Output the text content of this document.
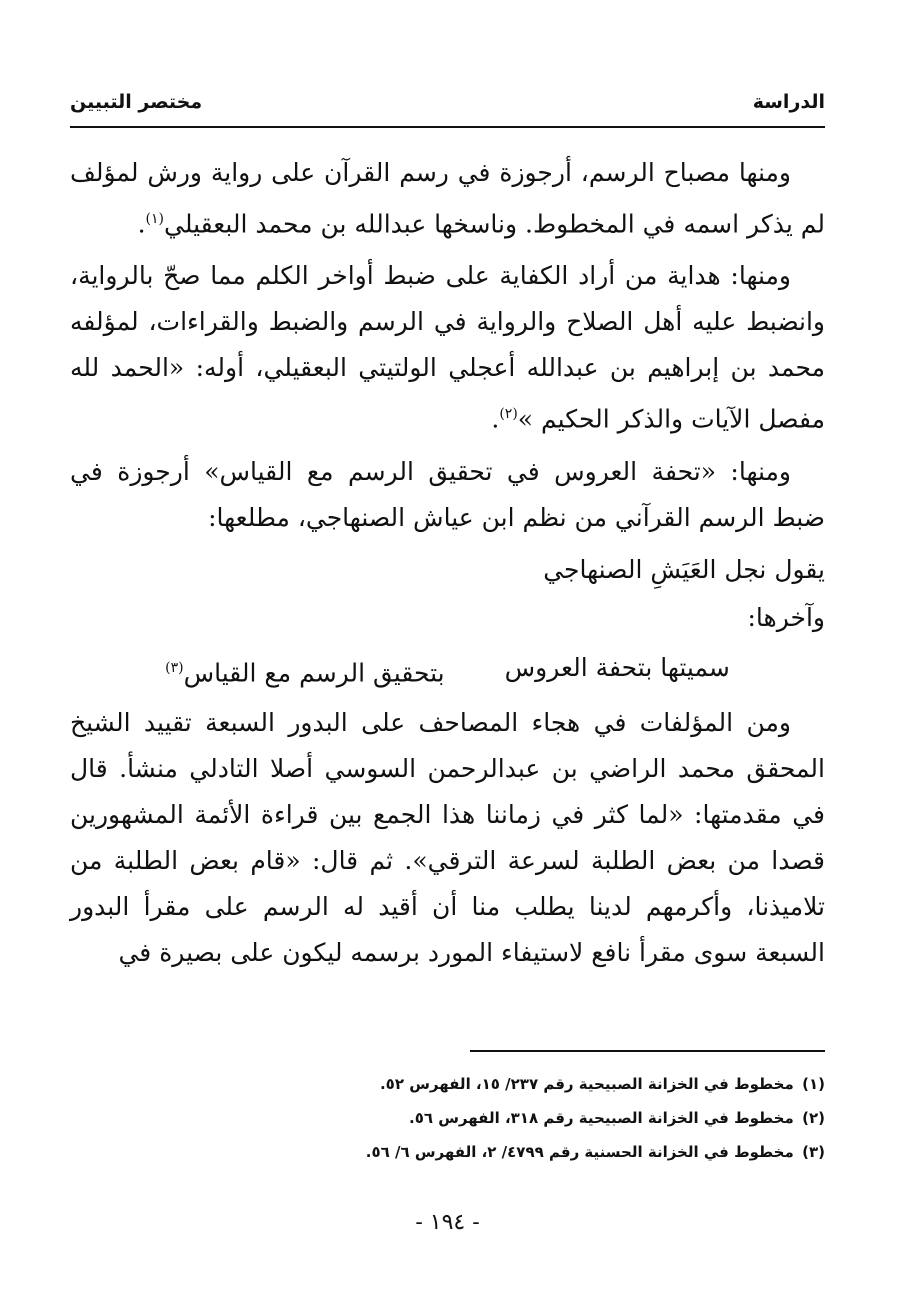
الدراسة
مختصر التبيين

ومنها مصباح الرسم، أرجوزة في رسم القرآن على رواية ورش لمؤلف لم يذكر اسمه في المخطوط. وناسخها عبدالله بن محمد البعقيلي$^{(١)}$.

ومنها: هداية من أراد الكفاية على ضبط أواخر الكلم مما صحّ بالرواية، وانضبط عليه أهل الصلاح والرواية في الرسم والضبط والقراءات، لمؤلفه محمد بن إبراهيم بن عبدالله أعجلي الولتيتي البعقيلي، أوله: «الحمد لله مفصل الآيات والذكر الحكيم »$^{(٢)}$.

ومنها: «تحفة العروس في تحقيق الرسم مع القياس» أرجوزة في ضبط الرسم القرآني من نظم ابن عياش الصنهاجي، مطلعها:

يقول نجل العَيَشِ الصنهاجي

وآخرها:

سميتها بتحفة العروس
بتحقيق الرسم مع القياس$^{(٣)}$

ومن المؤلفات في هجاء المصاحف على البدور السبعة تقييد الشيخ المحقق محمد الراضي بن عبدالرحمن السوسي أصلا التادلي منشأ. قال في مقدمتها: «لما كثر في زماننا هذا الجمع بين قراءة الأئمة المشهورين قصدا من بعض الطلبة لسرعة الترقي». ثم قال: «قام بعض الطلبة من تلاميذنا، وأكرمهم لدينا يطلب منا أن أقيد له الرسم على مقرأ البدور السبعة سوى مقرأ نافع لاستيفاء المورد برسمه ليكون على بصيرة في

(١) مخطوط في الخزانة الصبيحية رقم ٢٣٧/ ١٥، الفهرس ٥٢.
(٢) مخطوط في الخزانة الصبيحية رقم ٣١٨، الفهرس ٥٦.
(٣) مخطوط في الخزانة الحسنية رقم ٤٧٩٩/ ٢، الفهرس ٦/ ٥٦.
- ١٩٤ -
